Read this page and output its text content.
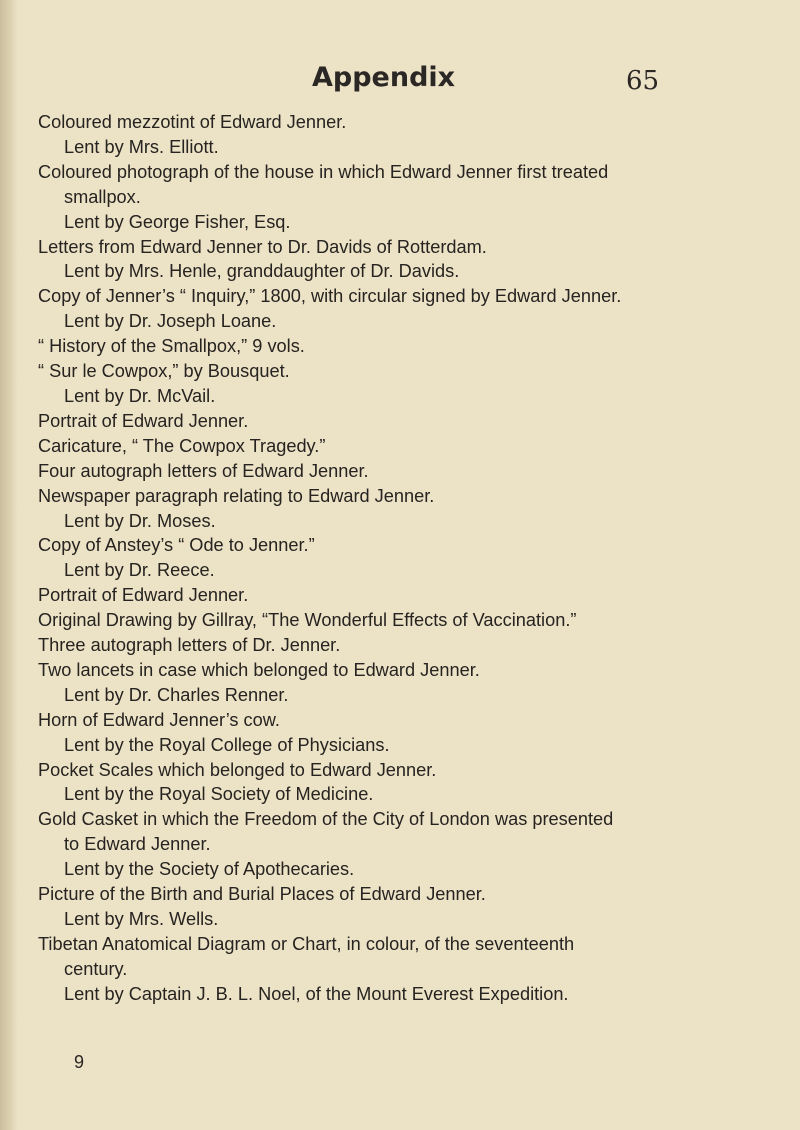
Appendix	65
Coloured mezzotint of Edward Jenner.
Lent by Mrs. Elliott.
Coloured photograph of the house in which Edward Jenner first treated
smallpox.
Lent by George Fisher, Esq.
Letters from Edward Jenner to Dr. Davids of Rotterdam.
Lent by Mrs. Henle, granddaughter of Dr. Davids.
Copy of Jenner’s “ Inquiry,” 1800, with circular signed by Edward Jenner.
Lent by Dr. Joseph Loane.
“ History of the Smallpox,” 9 vols.
“ Sur le Cowpox,” by Bousquet.
Lent by Dr. McVail.
Portrait of Edward Jenner.
Caricature, “ The Cowpox Tragedy.”
Four autograph letters of Edward Jenner.
Newspaper paragraph relating to Edward Jenner.
Lent by Dr. Moses.
Copy of Anstey’s “ Ode to Jenner.”
Lent by Dr. Reece.
Portrait of Edward Jenner.
Original Drawing by Gillray, “The Wonderful Effects of Vaccination.”
Three autograph letters of Dr. Jenner.
Two lancets in case which belonged to Edward Jenner.
Lent by Dr. Charles Renner.
Horn of Edward Jenner’s cow.
Lent by the Royal College of Physicians.
Pocket Scales which belonged to Edward Jenner.
Lent by the Royal Society of Medicine.
Gold Casket in which the Freedom of the City of London was presented
to Edward Jenner.
Lent by the Society of Apothecaries.
Picture of the Birth and Burial Places of Edward Jenner.
Lent by Mrs. Wells.
Tibetan Anatomical Diagram or Chart, in colour, of the seventeenth
century.
Lent by Captain J. B. L. Noel, of the Mount Everest Expedition.
9
